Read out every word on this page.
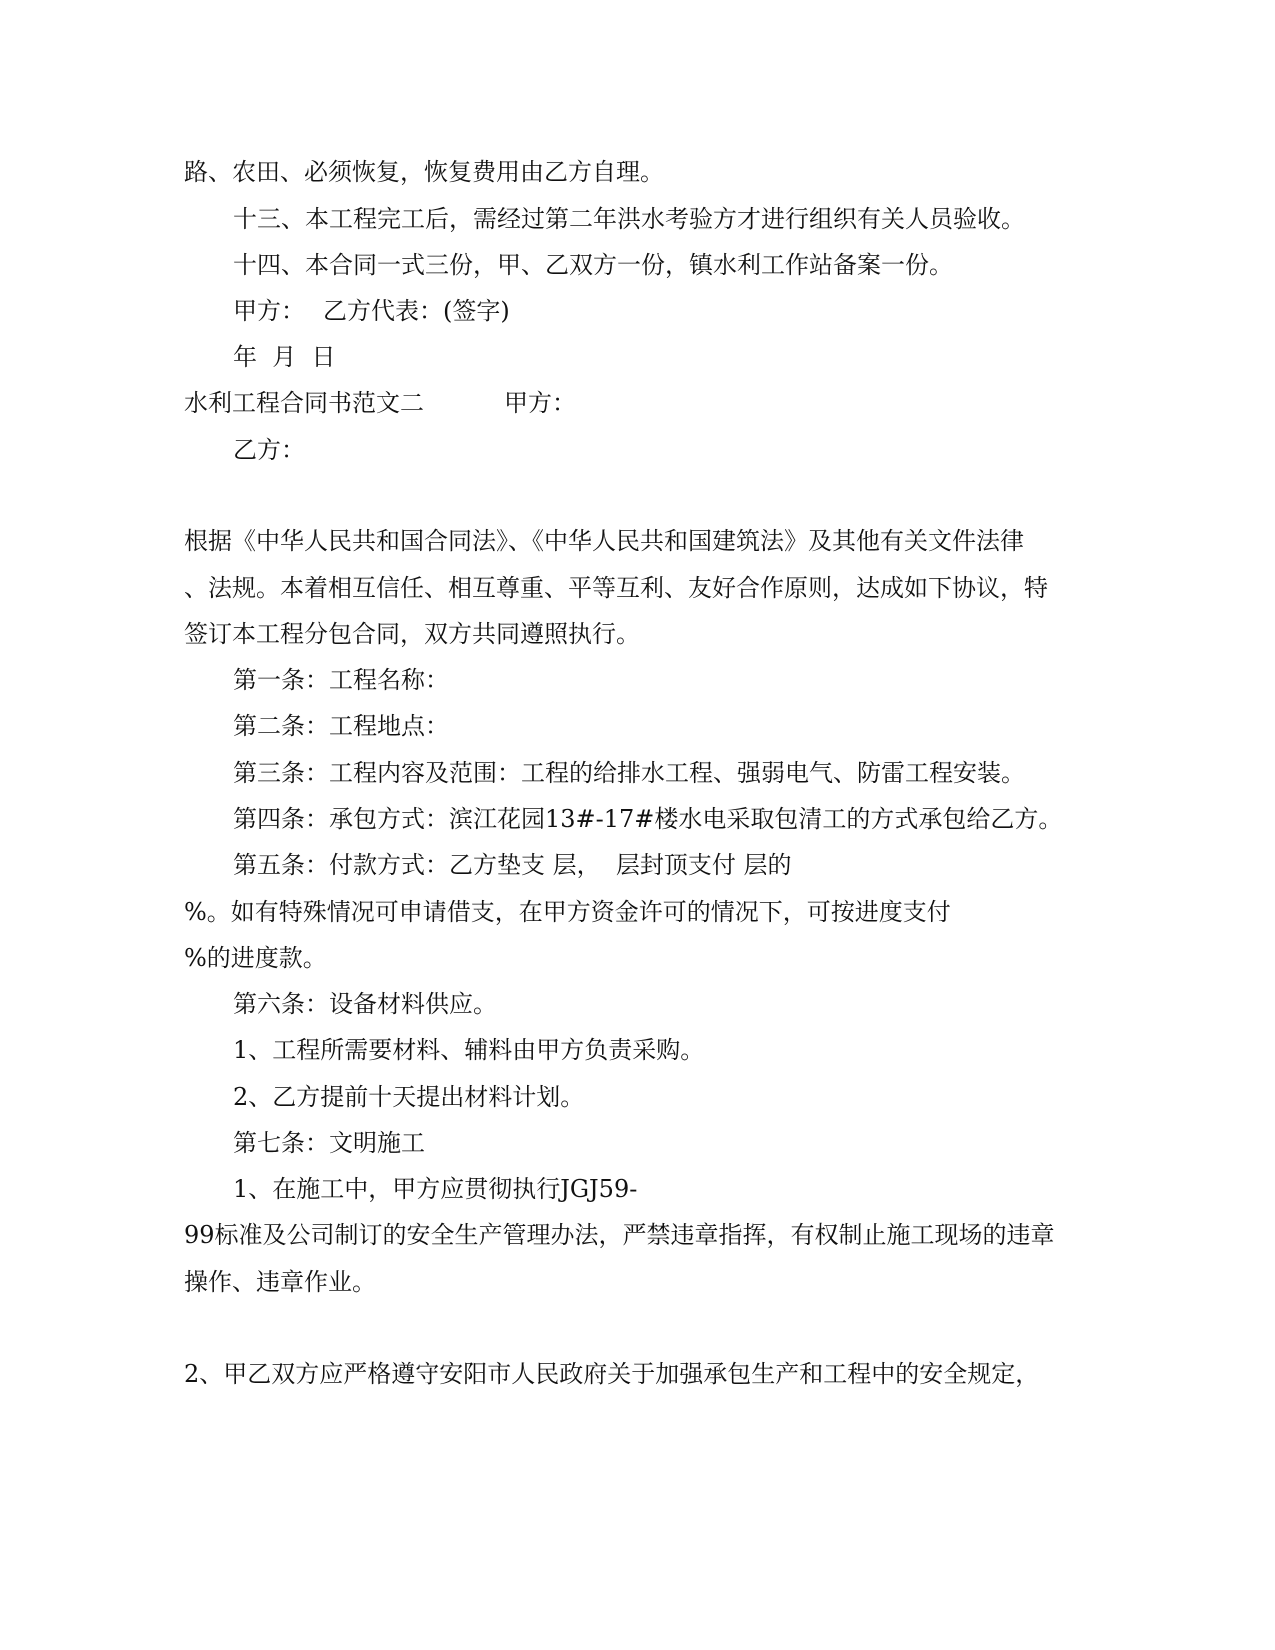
路、农田、必须恢复，恢复费用由乙方自理。
十三、本工程完工后，需经过第二年洪水考验方才进行组织有关人员验收。
十四、本合同一式三份，甲、乙双方一份，镇水利工作站备案一份。
甲方： 乙方代表：(签字)
年  月  日
水利工程合同书范文二	甲方：
乙方：
根据《中华人民共和国合同法》、《中华人民共和国建筑法》及其他有关文件法律
、法规。本着相互信任、相互尊重、平等互利、友好合作原则，达成如下协议，特
签订本工程分包合同，双方共同遵照执行。
第一条：工程名称：
第二条：工程地点：
第三条：工程内容及范围：工程的给排水工程、强弱电气、防雷工程安装。
第四条：承包方式：滨江花园13#-17#楼水电采取包清工的方式承包给乙方。
第五条：付款方式：乙方垫支 层，  层封顶支付 层的
%。如有特殊情况可申请借支，在甲方资金许可的情况下，可按进度支付
%的进度款。
第六条：设备材料供应。
1、工程所需要材料、辅料由甲方负责采购。
2、乙方提前十天提出材料计划。
第七条：文明施工
1、在施工中，甲方应贯彻执行JGJ59-
99标准及公司制订的安全生产管理办法，严禁违章指挥，有权制止施工现场的违章
操作、违章作业。
2、甲乙双方应严格遵守安阳市人民政府关于加强承包生产和工程中的安全规定，
